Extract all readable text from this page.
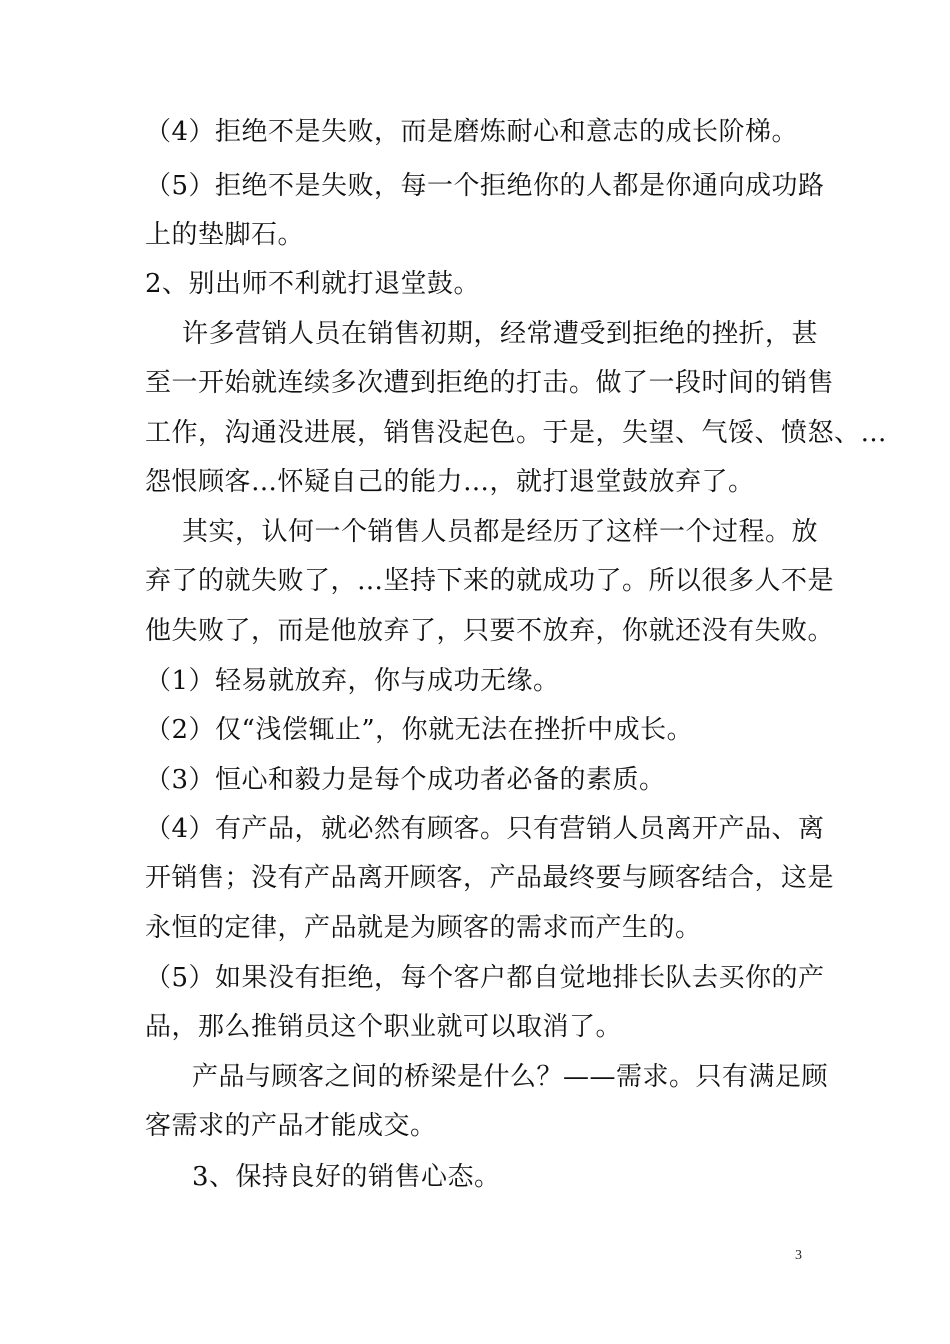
（4）拒绝不是失败，而是磨炼耐心和意志的成长阶梯。
（5）拒绝不是失败，每一个拒绝你的人都是你通向成功路
上的垫脚石。
2、别出师不利就打退堂鼓。
许多营销人员在销售初期，经常遭受到拒绝的挫折，甚
至一开始就连续多次遭到拒绝的打击。做了一段时间的销售
工作，沟通没进展，销售没起色。于是，失望、气馁、愤怒、…
怨恨顾客…怀疑自己的能力…，就打退堂鼓放弃了。
其实，认何一个销售人员都是经历了这样一个过程。放
弃了的就失败了，…坚持下来的就成功了。所以很多人不是
他失败了，而是他放弃了，只要不放弃，你就还没有失败。
（1）轻易就放弃，你与成功无缘。
（2）仅“浅偿辄止”，你就无法在挫折中成长。
（3）恒心和毅力是每个成功者必备的素质。
（4）有产品，就必然有顾客。只有营销人员离开产品、离
开销售；没有产品离开顾客，产品最终要与顾客结合，这是
永恒的定律，产品就是为顾客的需求而产生的。
（5）如果没有拒绝，每个客户都自觉地排长队去买你的产
品，那么推销员这个职业就可以取消了。
产品与顾客之间的桥梁是什么？——需求。只有满足顾
客需求的产品才能成交。
3、保持良好的销售心态。
3
